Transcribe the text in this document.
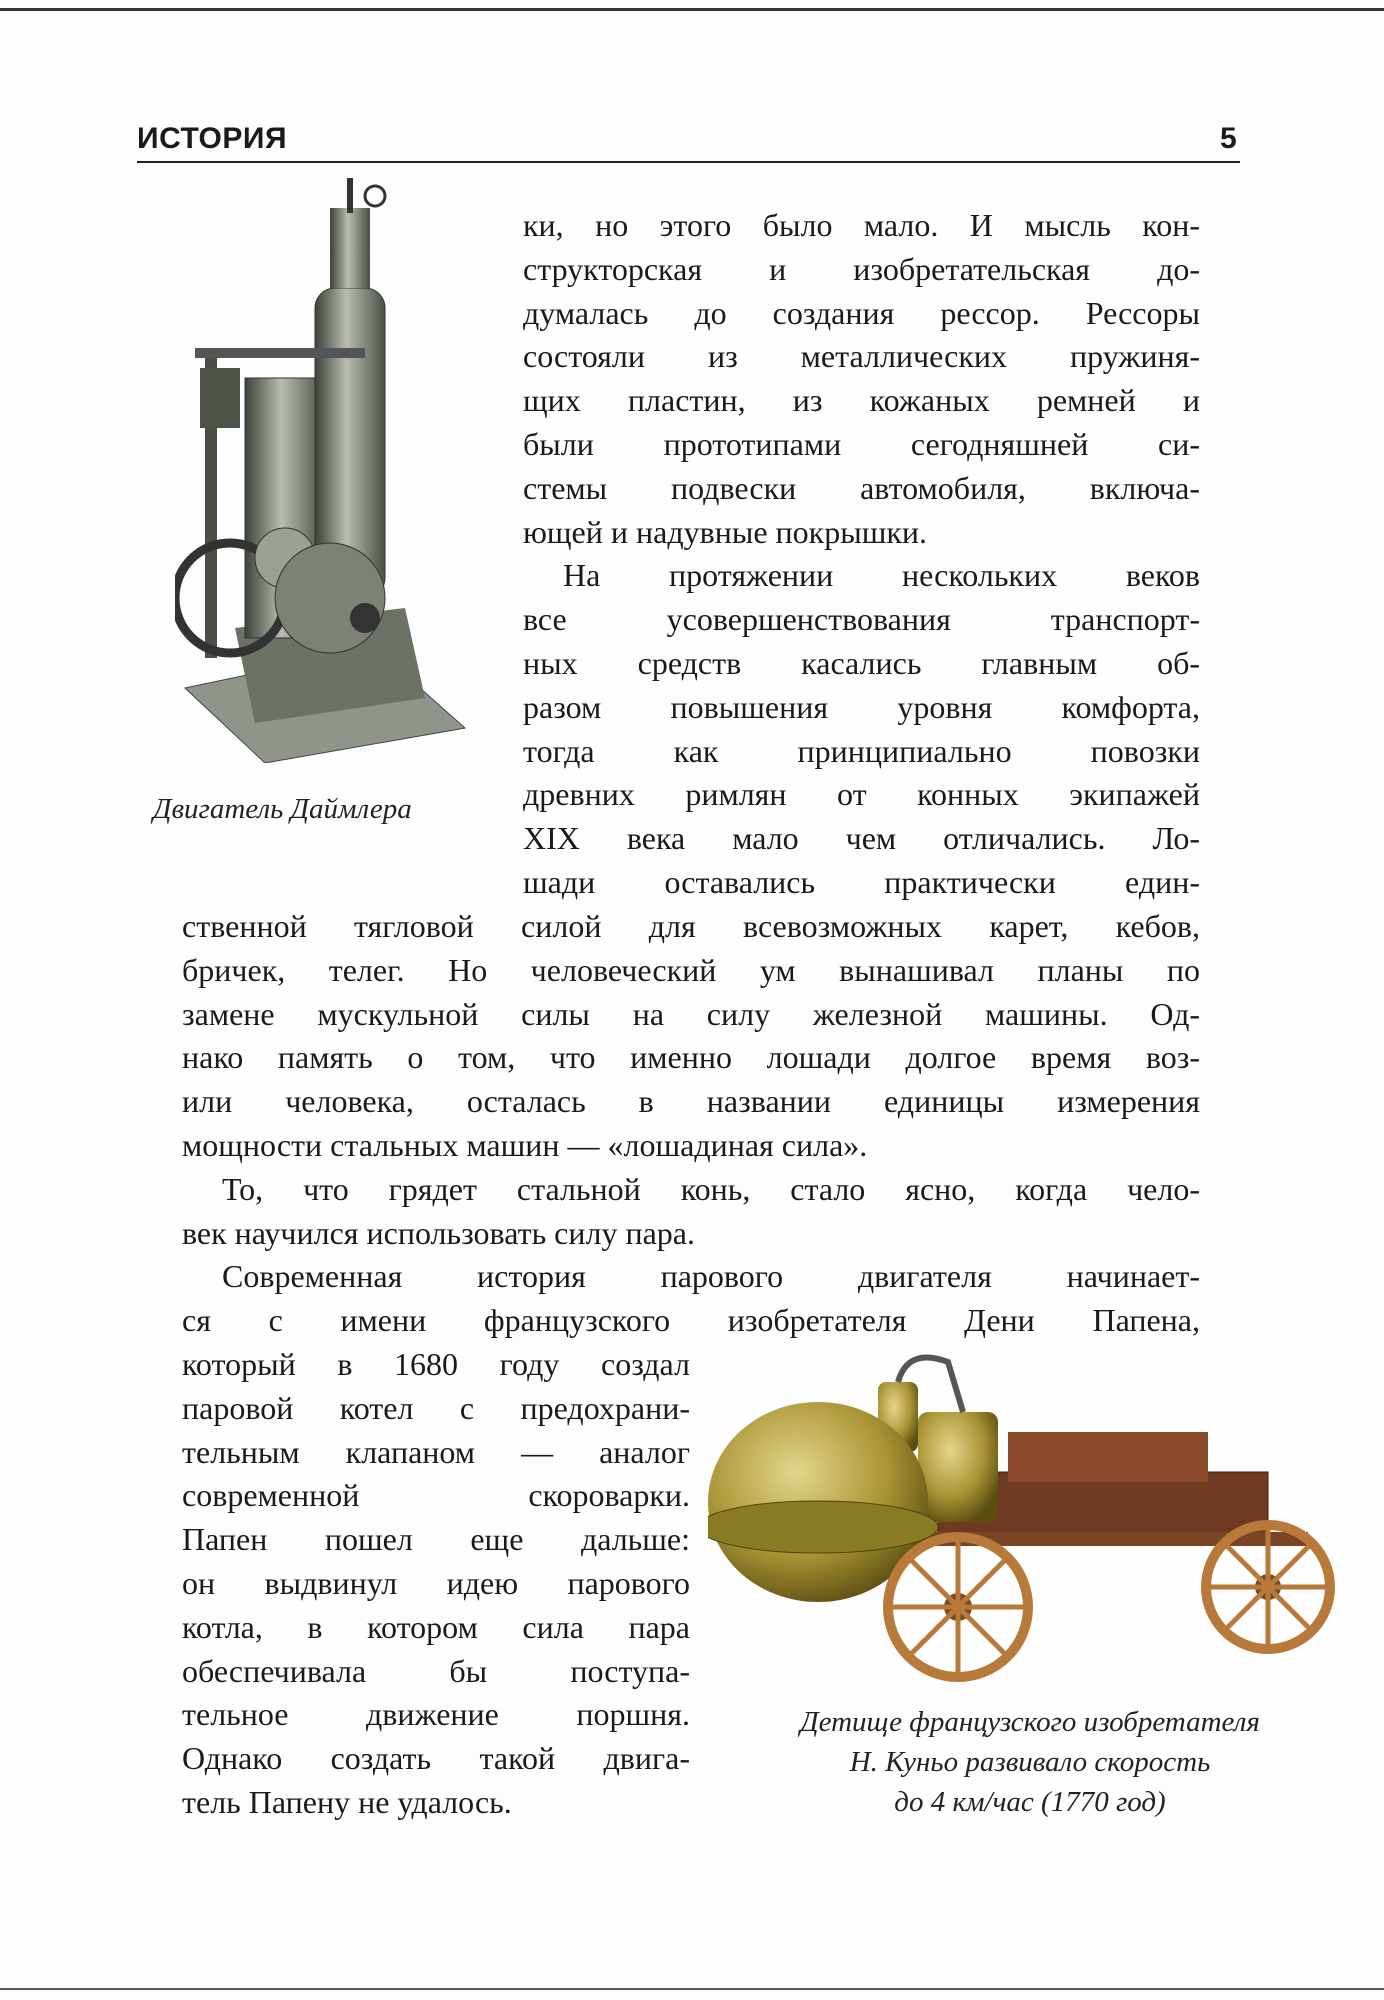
ИСТОРИЯ	5
Двигатель Даймлера
ки, но этого было мало. И мысль кон-
структорская и изобретательская до-
думалась до создания рессор. Рессоры
состояли из металлических пружиня-
щих пластин, из кожаных ремней и
были прототипами сегодняшней си-
стемы подвески автомобиля, включа-
ющей и надувные покрышки.
На протяжении нескольких веков
все усовершенствования транспорт-
ных средств касались главным об-
разом повышения уровня комфорта,
тогда как принципиально повозки
древних римлян от конных экипажей
XIX века мало чем отличались. Ло-
шади оставались практически един-
ственной тягловой силой для всевозможных карет, кебов,
бричек, телег. Но человеческий ум вынашивал планы по
замене мускульной силы на силу железной машины. Од-
нако память о том, что именно лошади долгое время воз-
или человека, осталась в названии единицы измерения
мощности стальных машин — «лошадиная сила».
То, что грядет стальной конь, стало ясно, когда чело-
век научился использовать силу пара.
Современная история парового двигателя начинает-
ся с имени французского изобретателя Дени Папена,
который в 1680 году создал
паровой котел с предохрани-
тельным клапаном — аналог
современной скороварки.
Папен пошел еще дальше:
он выдвинул идею парового
котла, в котором сила пара
обеспечивала бы поступа-
тельное движение поршня.
Однако создать такой двига-
тель Папену не удалось.
Детище французского изобретателя
Н. Куньо развивало скорость
до 4 км/час (1770 год)
